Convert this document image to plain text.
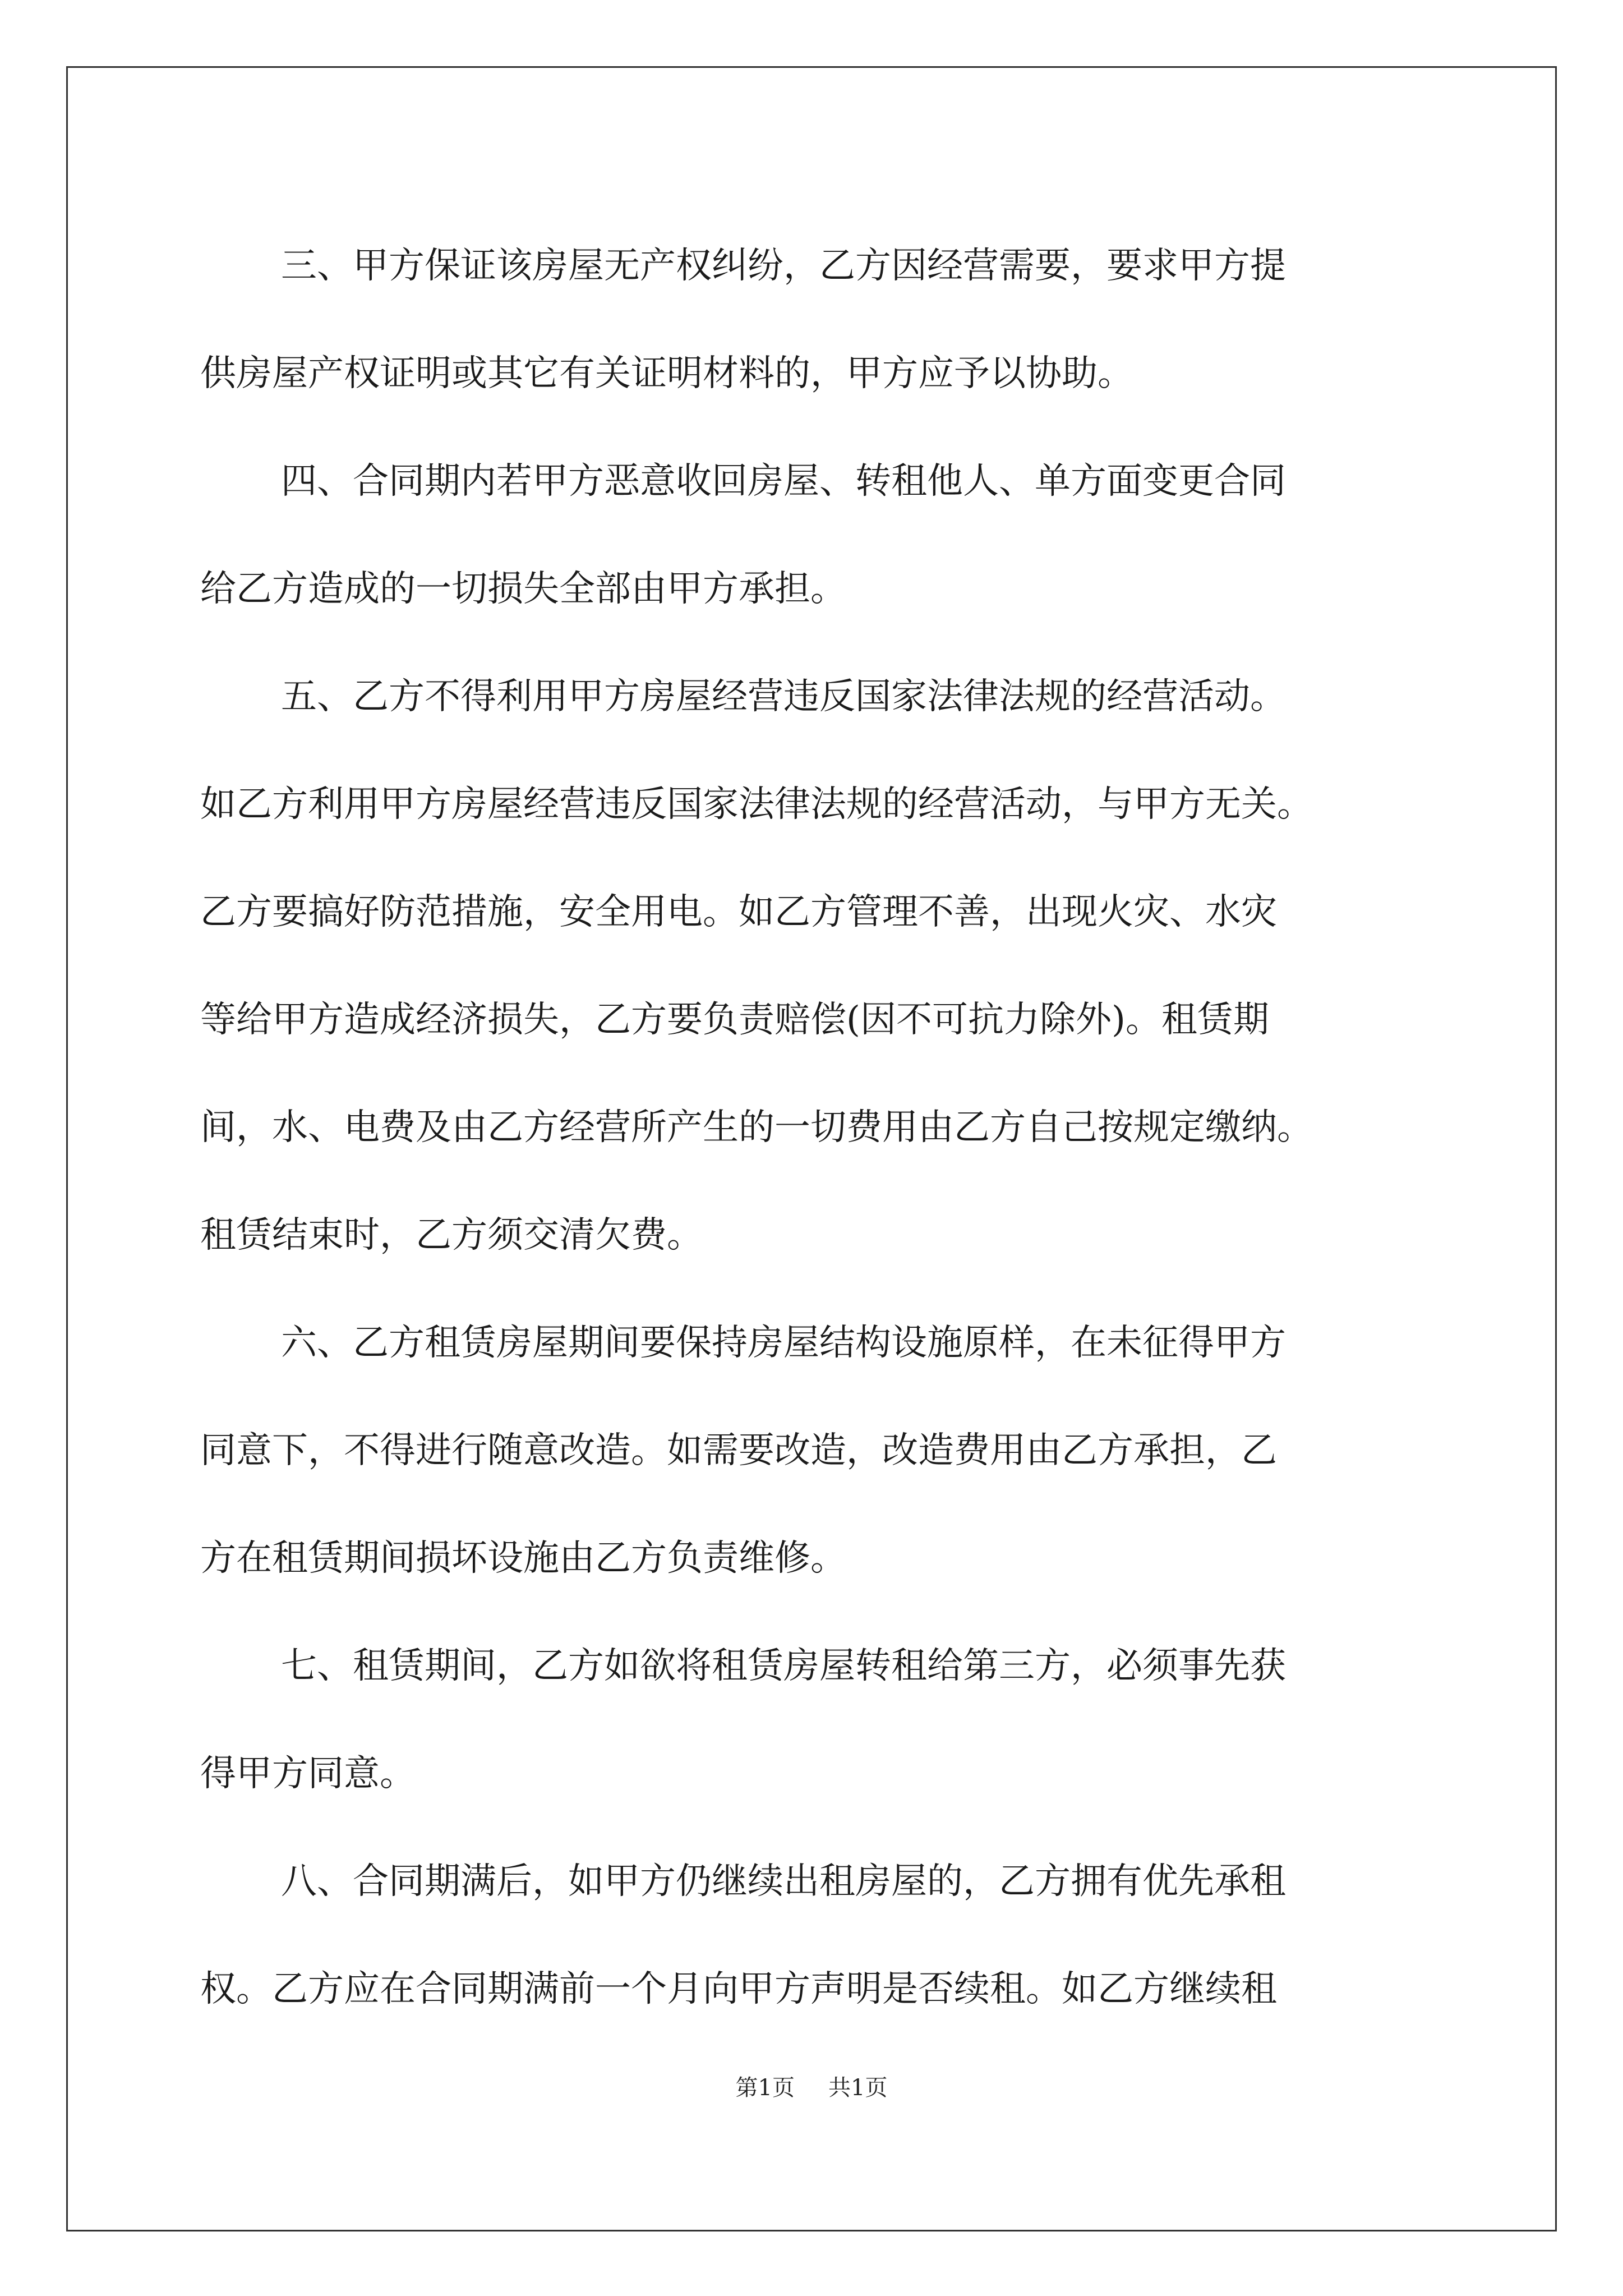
三、甲方保证该房屋无产权纠纷，乙方因经营需要，要求甲方提
供房屋产权证明或其它有关证明材料的，甲方应予以协助。
四、合同期内若甲方恶意收回房屋、转租他人、单方面变更合同
给乙方造成的一切损失全部由甲方承担。
五、乙方不得利用甲方房屋经营违反国家法律法规的经营活动。
如乙方利用甲方房屋经营违反国家法律法规的经营活动，与甲方无关。
乙方要搞好防范措施，安全用电。如乙方管理不善，出现火灾、水灾
等给甲方造成经济损失，乙方要负责赔偿(因不可抗力除外)。租赁期
间，水、电费及由乙方经营所产生的一切费用由乙方自己按规定缴纳。
租赁结束时，乙方须交清欠费。
六、乙方租赁房屋期间要保持房屋结构设施原样，在未征得甲方
同意下，不得进行随意改造。如需要改造，改造费用由乙方承担，乙
方在租赁期间损坏设施由乙方负责维修。
七、租赁期间，乙方如欲将租赁房屋转租给第三方，必须事先获
得甲方同意。
八、合同期满后，如甲方仍继续出租房屋的，乙方拥有优先承租
权。乙方应在合同期满前一个月向甲方声明是否续租。如乙方继续租
第1页 共1页
